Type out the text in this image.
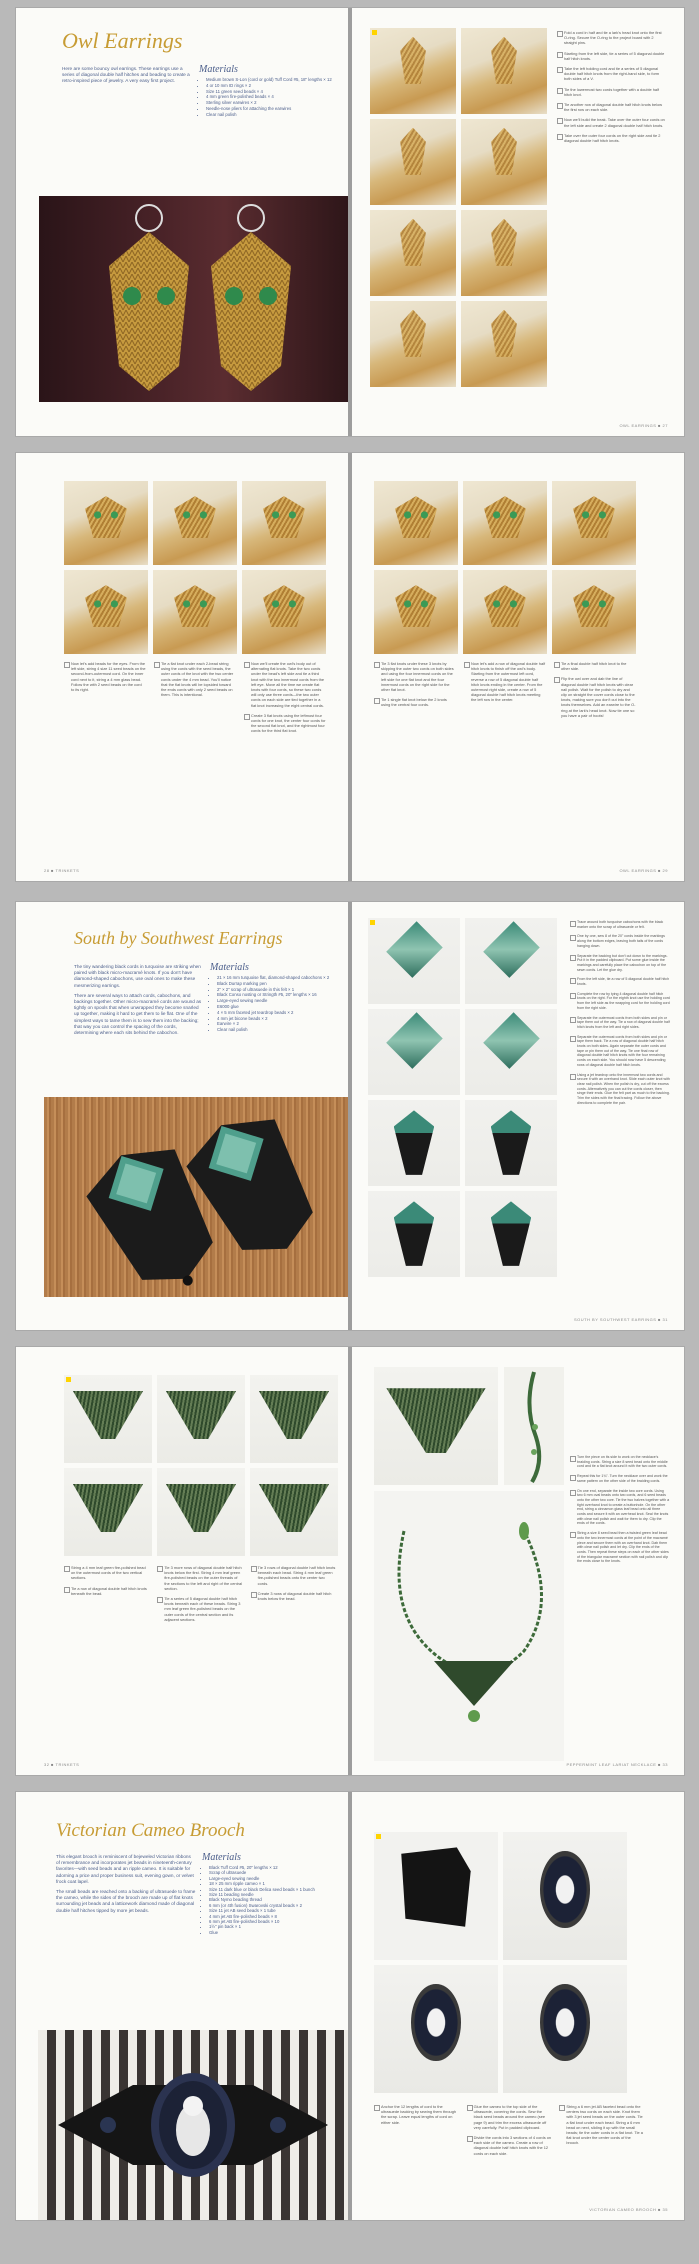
Owl Earrings

Here are some bouncy owl earrings. These earrings use a series of diagonal double half hitches and beading to create a retro-inspired piece of jewelry. A very easy first project.

Materials
• Medium brown S-Lon (cord or gold) Tuff Cord #5, 18" lengths × 12
• 4 or 10 mm ID rings × 2
• Size 11 green seed beads × 4
• 4 mm green fire-polished beads × 4
• Sterling silver earwires × 2
• Needle-nose pliers for attaching the earwires
• Clear nail polish
Fold a cord in half and tie a lark's head knot onto the first O-ring. Secure the O-ring to the project board with 2 straight pins.
Starting from the left side, tie a series of 5 diagonal double half hitch knots.
Take the left holding cord and tie a series of 5 diagonal double half hitch knots from the right-hand side, to form both sides of a V.
Tie the lowermost two cords together with a double half hitch knot.
Tie another row of diagonal double half hitch knots below the first row on each side.
Now we'll build the beak. Take over the outer four cords on the left side and create 2 diagonal double half hitch knots.
Take over the outer four cords on the right side and tie 2 diagonal double half hitch knots.
OWL EARRINGS ■ 27
Now let's add beads for the eyes. From the left side, string 4 size 11 seed beads on the second-from-outermost cord. On the inner cord next to it, string a 4 mm glass bead. Follow the with 2 seed beads on the cord to its right.
Tie a flat knot under each 2-bead string using the cords with the seed beads, the outer cords of the knot with the two center cords under the 4 mm bead. You'll notice that the flat knots will be lopsided toward the ends cords with only 2 seed beads on them. This is intentional.
Now we'll create the owl's body out of alternating flat knots. Take the two cords under the bead's left side and tie a third knot with the two innermost cords from the left eye. Move all the time we create flat knots with four cords, so these two cords will only use three cords—the two outer cords on each side are tied together in a flat knot increasing the eight central cords.
Create 3 flat knots using the leftmost four cords for one knot, the center four cords for the second flat knot, and the rightmost four cords for the third flat knot.
28 ■ TRINKETS
Tie 3 flat knots under these 3 knots by skipping the outer two cords on both sides and using the four innermost cords on the left side for one flat knot and the four innermost cords on the right side for the other flat knot.
Tie 1 single flat knot below the 2 knots using the central four cords.
Now let's add a row of diagonal double half hitch knots to finish off the owl's body. Starting from the outermost left cord, reverse a row of 5 diagonal double half hitch knots ending in the center. From the outermost right side, create a row of 5 diagonal double half hitch knots meeting the left row in the center.
Tie a final double half hitch knot to the other side.
Flip the owl over and dab the line of diagonal double half hitch knots with clear nail polish. Wait for the polish to dry and clip on straight the cover cords close to the knots, making sure you don't cut into the knots themselves. Add an earwire to the O-ring at the lark's head knot. Now tie one so you have a pair of hoots!
OWL EARRINGS ■ 29
South by Southwest Earrings

The tiny wandering black cords in turquoise are striking when paired with black micro-macramé knots. If you don't have diamond-shaped cabochons, use oval ones to make these mesmerizing earrings.

There are several ways to attach cords, cabochons, and backings together. Other micro-macramé cords are wound as tightly on spools that when unwrapped they become snarled up together, making it hard to get them to lie flat. One of the simplest ways to tame them is to sew them into the backing; that way you can control the spacing of the cords, determining where each sits behind the cabochon.

Materials
• 21 × 16 mm turquoise flat, diamond-shaped cabochons × 2
• Black Durrap marking pen
• 2" × 2" scrap of ultrasuede in this felt × 1
• Black Conso nosting or Stringth #5, 20" lengths × 16
• Large-eyed sewing needle
• E6000 glue
• 4 × 5 mm faceted jet teardrop beads × 2
• 4 mm jet bicone beads × 2
• Earwire × 2
• Clear nail polish
Trace around both turquoise cabochons with the black marker onto the scrap of ultrasuede or felt.
One by one, sew 8 of the 20" cords inside the markings along the bottom edges, leaving both tails of the cords hanging down.
Separate the backing but don't cut down to the markings. Put it in the padded clipboard. Put some glue inside the markings and carefully place the cabochon on top of the sewn cords. Let the glue dry.
From the left side, tie a row of 5 diagonal double half hitch knots.
Complete the row by tying 4 diagonal double half hitch knots on the right. For the eighth knot use the holding cord from the left side as the wrapping cord for the holding cord from the right side.
Separate the outermost cords from both sides and pin or tape them out of the way. Tie a row of diagonal double half hitch knots from the left and right sides.
Separate the outermost cords from both sides and pin or tape them back. Tie a row of diagonal double half hitch knots on both sides. Again separate the outer cords and tape or pin them out of the way. Tie one final row of diagonal double half hitch knots with the four remaining cords on each side. You should now have 5 descending rows of diagonal double half hitch knots.
Using a jet teardrop onto the innermost two cords and secure it with an overhand knot. Slide each outer knot with clear nail polish. When the polish is dry, cut off the excess cords. Alternatively you can cut the cords closer, then singe their ends. Glue the felt part as much to the backing. Trim the sides with the final tracing. Follow the above directions to complete the pair.
SOUTH BY SOUTHWEST EARRINGS ■ 31
String a 4 mm leaf green fire-polished bead on the outermost cords of the two vertical sections.
Tie a row of diagonal double half hitch knots beneath the bead.
Tie 3 more rows of diagonal double half hitch knots below the first. String 4 mm leaf green fire-polished beads on the outer threads of the sections to the left and right of the central section.
Tie a series of 5 diagonal double half hitch knots beneath each of these beads. String 3 mm leaf green fire-polished beads on the outer cords of the central section and its adjacent sections.
Tie 3 rows of diagonal double half hitch knots beneath each bead. String 4 mm leaf green fire-polished beads onto the center two cords.
Create 3 rows of diagonal double half hitch knots below the bead.
32 ■ TRINKETS
Turn the piece on its side to work on the necklace's braiding cords. String a size 8 seed bead onto the middle cord and tie a flat knot around it with the two outer cords.
Repeat this for 1¾". Turn the necklace over and work the same pattern on the other side of the braiding cords.
On one end, separate the inside two core cords. Using two 6 mm oval beads onto two cords, and 6 seed beads onto the other two core. Tie the two halves together with a tight overhand knot to create a buttonhole. On the other end, string a cinnamon glass leaf bead onto all three cords and secure it with an overhead knot. Seal the knots with clear nail polish and wait for them to dry. Clip the ends of the cords.
String a size 8 seed bead then a twisted green leaf bead onto the two innermost cords at the point of the macramé piece and secure them with an overhand knot. Dab them with clear nail polish and let dry. Clip the ends of the cords. Then repeat these steps on each of the other sides of the triangular macramé section with nail polish and clip the ends close to the knots.
PEPPERMINT LEAF LARIAT NECKLACE ■ 33
Victorian Cameo Brooch

This elegant brooch is reminiscent of bejeweled Victorian ribbons of remembrance and incorporates jet beads in nineteenth-century favorites—with seed beads and an ripple cameo. It is suitable for adorning a price and proper business suit, evening gown, or velvet frock coat lapel.

The small beads are reached onto a backing of ultrasuede to frame the cameo, while the sides of the brooch are made up of flat knots surrounding jet beads and a latticework diamond made of diagonal double half hitches tipped by more jet beads.

Materials
• Black Tuff Cord #5, 20" lengths × 12
• Scrap of ultrasuede
• Large-eyed sewing needle
• 18 × 25 mm ripple cameo × 1
• Size 11 dark blue or black Delica seed beads × 1 bunch
• Size 11 beading needle
• Black Nymo beading thread
• 6 mm (or 4th fusion) Swarovski crystal beads × 2
• Size 11 jet AB seed beads × 1 tube
• 4 mm jet AB fire-polished beads × 8
• 6 mm jet AB fire-polished beads × 10
• 1½" pin back × 1
• Glue
Anchor the 12 lengths of cord to the ultrasuede backing by sewing them through the scrap. Leave equal lengths of cord on either side.
Glue the cameo to the top side of the ultrasuede, covering the cords. Sew the black seed beads around the cameo (see page 9) and trim the excess ultrasuede off very carefully. Put in padded clipboard.
Divide the cords into 3 sections of 4 cords on each side of the cameo. Create a row of diagonal double half hitch knots with the 12 cords on each side.
String a 6 mm jet AB faceted bead onto the centers two cords on each side. Knot them with 3 jet seed beads on the outer cords. Tie a flat knot under each bead. String a 6 mm bead on next, sliding it up with the small beads; tie the outer cords in a flat knot. Tie a flat knot under the center cords of the brooch.
VICTORIAN CAMEO BROOCH ■ 35
